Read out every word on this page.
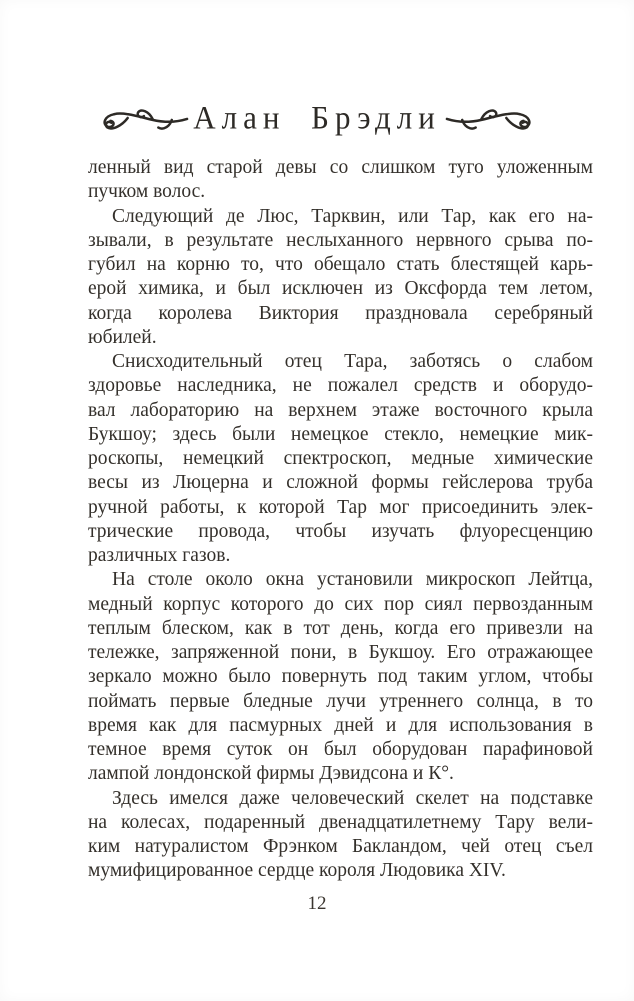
Алан Брэдли
ленный вид старой девы со слишком туго уложенным
пучком волос.
Следующий де Люс, Тарквин, или Тар, как его на-
зывали, в результате неслыханного нервного срыва по-
губил на корню то, что обещало стать блестящей карь-
ерой химика, и был исключен из Оксфорда тем летом,
когда королева Виктория праздновала серебряный
юбилей.
Снисходительный отец Тара, заботясь о слабом
здоровье наследника, не пожалел средств и оборудо-
вал лабораторию на верхнем этаже восточного крыла
Букшоу; здесь были немецкое стекло, немецкие мик-
роскопы, немецкий спектроскоп, медные химические
весы из Люцерна и сложной формы гейслерова труба
ручной работы, к которой Тар мог присоединить элек-
трические провода, чтобы изучать флуоресценцию
различных газов.
На столе около окна установили микроскоп Лейтца,
медный корпус которого до сих пор сиял первозданным
теплым блеском, как в тот день, когда его привезли на
тележке, запряженной пони, в Букшоу. Его отражающее
зеркало можно было повернуть под таким углом, чтобы
поймать первые бледные лучи утреннего солнца, в то
время как для пасмурных дней и для использования в
темное время суток он был оборудован парафиновой
лампой лондонской фирмы Дэвидсона и К°.
Здесь имелся даже человеческий скелет на подставке
на колесах, подаренный двенадцатилетнему Тару вели-
ким натуралистом Фрэнком Бакландом, чей отец съел
мумифицированное сердце короля Людовика XIV.
12
